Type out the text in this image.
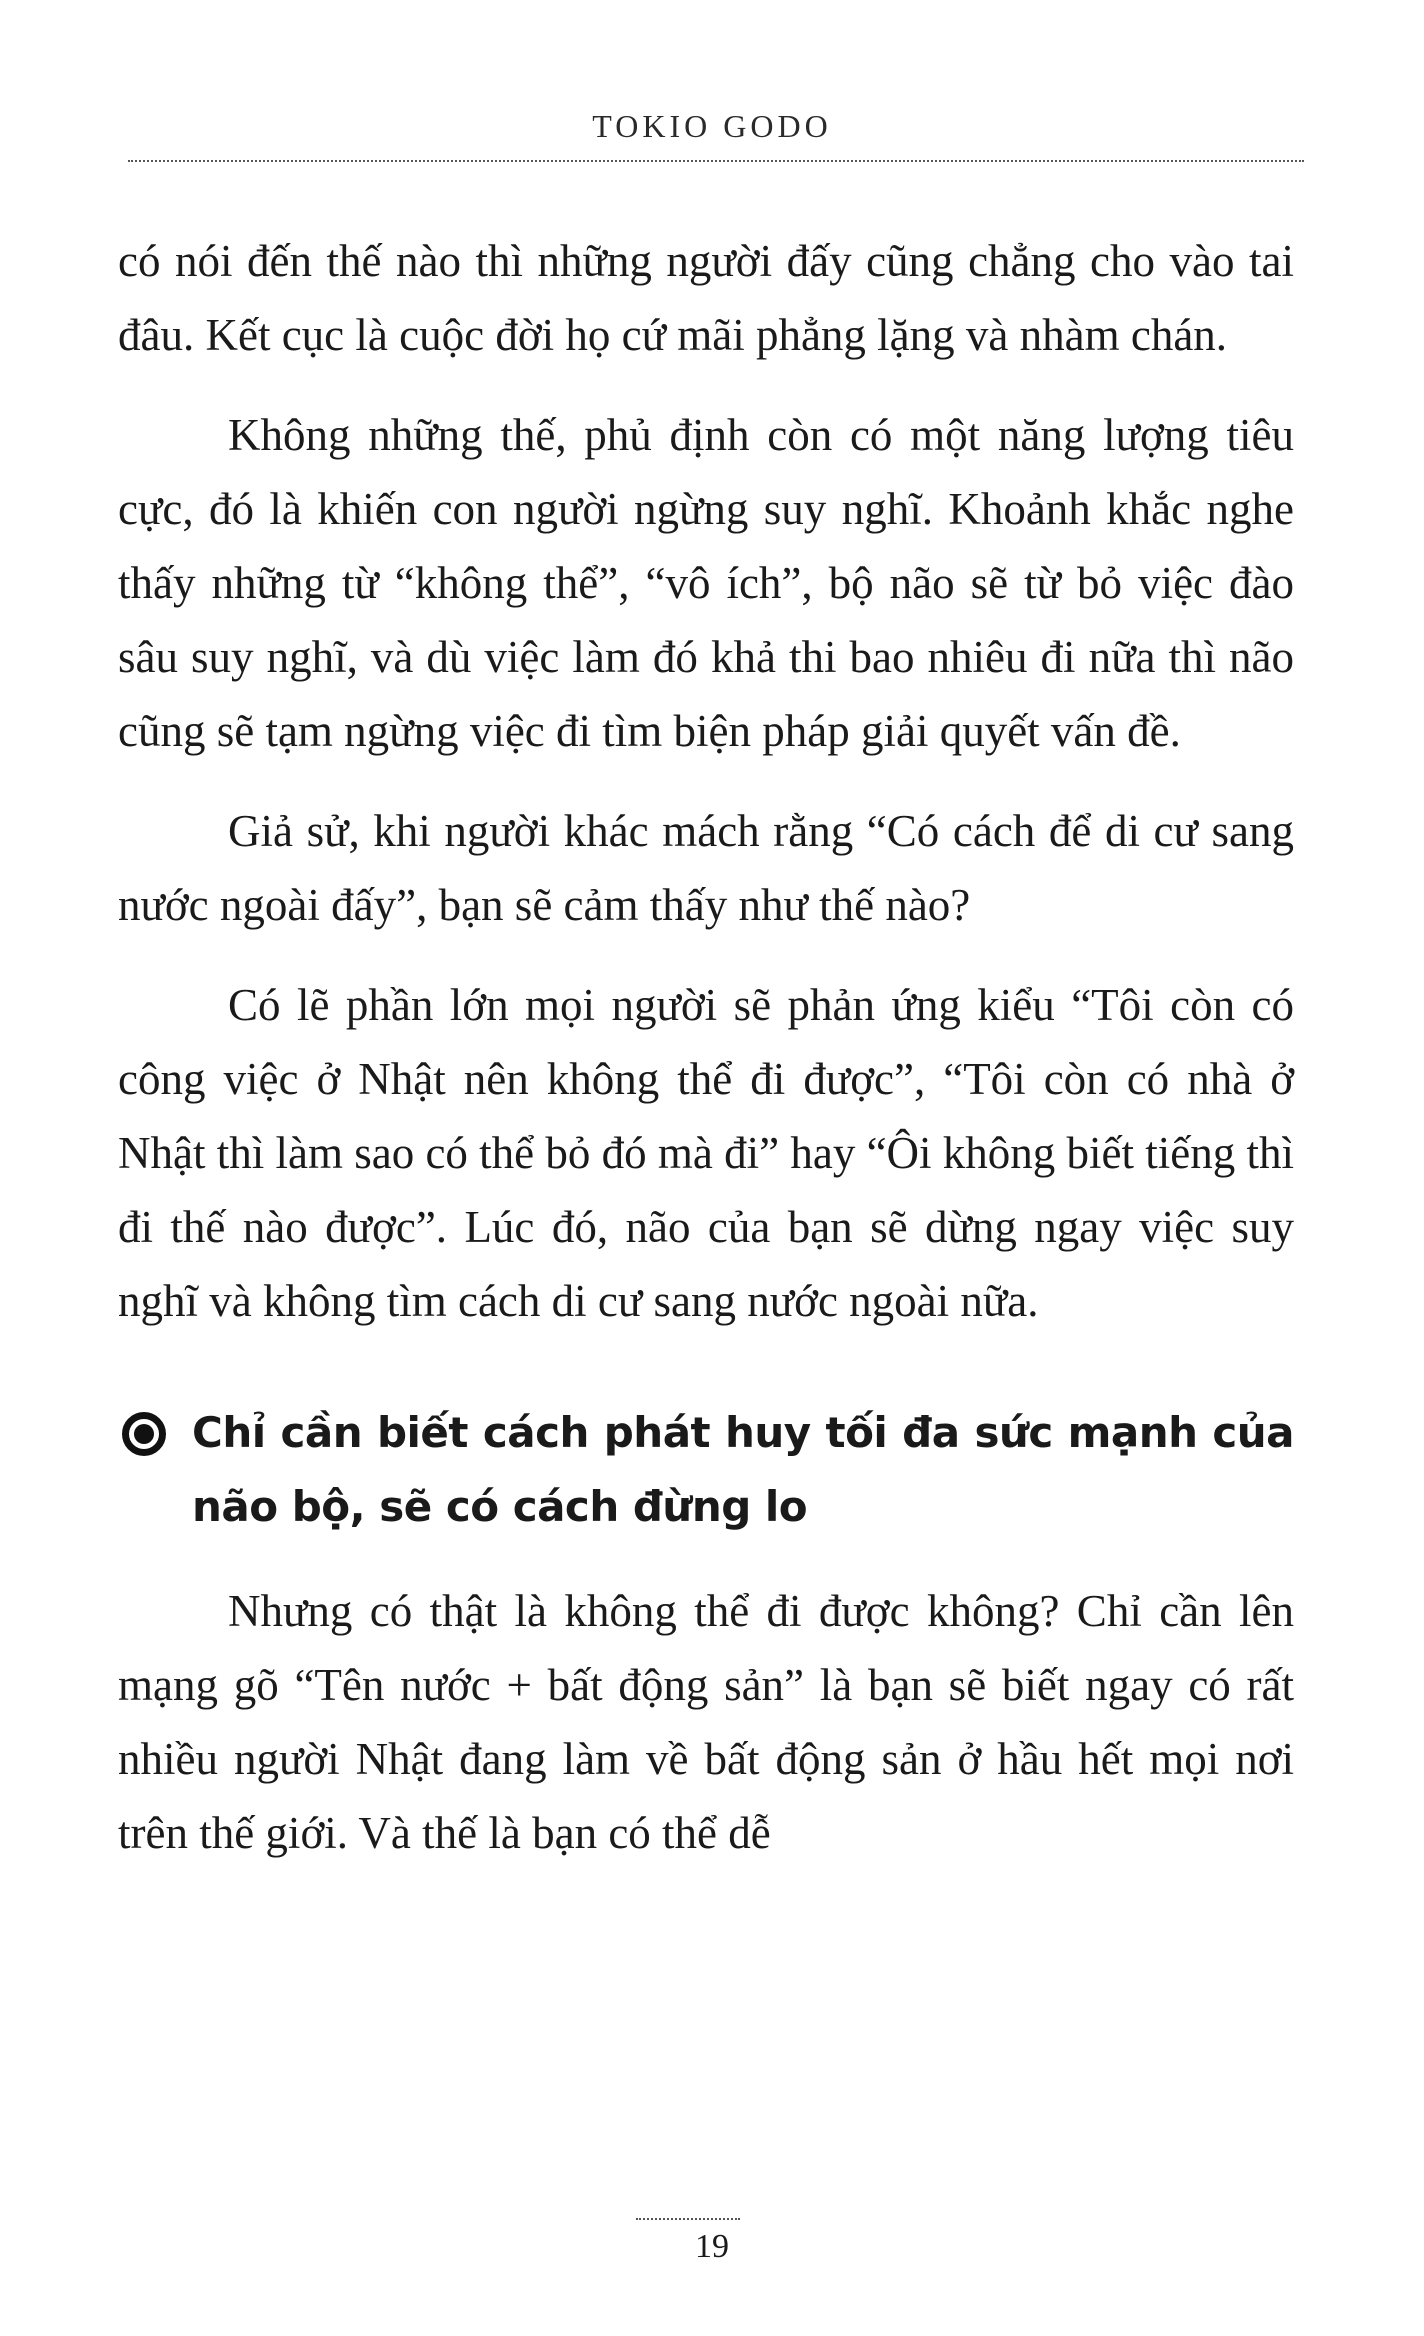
TOKIO GODO

có nói đến thế nào thì những người đấy cũng chẳng cho vào tai đâu. Kết cục là cuộc đời họ cứ mãi phẳng lặng và nhàm chán.

Không những thế, phủ định còn có một năng lượng tiêu cực, đó là khiến con người ngừng suy nghĩ. Khoảnh khắc nghe thấy những từ “không thể”, “vô ích”, bộ não sẽ từ bỏ việc đào sâu suy nghĩ, và dù việc làm đó khả thi bao nhiêu đi nữa thì não cũng sẽ tạm ngừng việc đi tìm biện pháp giải quyết vấn đề.

Giả sử, khi người khác mách rằng “Có cách để di cư sang nước ngoài đấy”, bạn sẽ cảm thấy như thế nào?

Có lẽ phần lớn mọi người sẽ phản ứng kiểu “Tôi còn có công việc ở Nhật nên không thể đi được”, “Tôi còn có nhà ở Nhật thì làm sao có thể bỏ đó mà đi” hay “Ôi không biết tiếng thì đi thế nào được”. Lúc đó, não của bạn sẽ dừng ngay việc suy nghĩ và không tìm cách di cư sang nước ngoài nữa.

Chỉ cần biết cách phát huy tối đa sức mạnh của não bộ, sẽ có cách đừng lo

Nhưng có thật là không thể đi được không? Chỉ cần lên mạng gõ “Tên nước + bất động sản” là bạn sẽ biết ngay có rất nhiều người Nhật đang làm về bất động sản ở hầu hết mọi nơi trên thế giới. Và thế là bạn có thể dễ

19
